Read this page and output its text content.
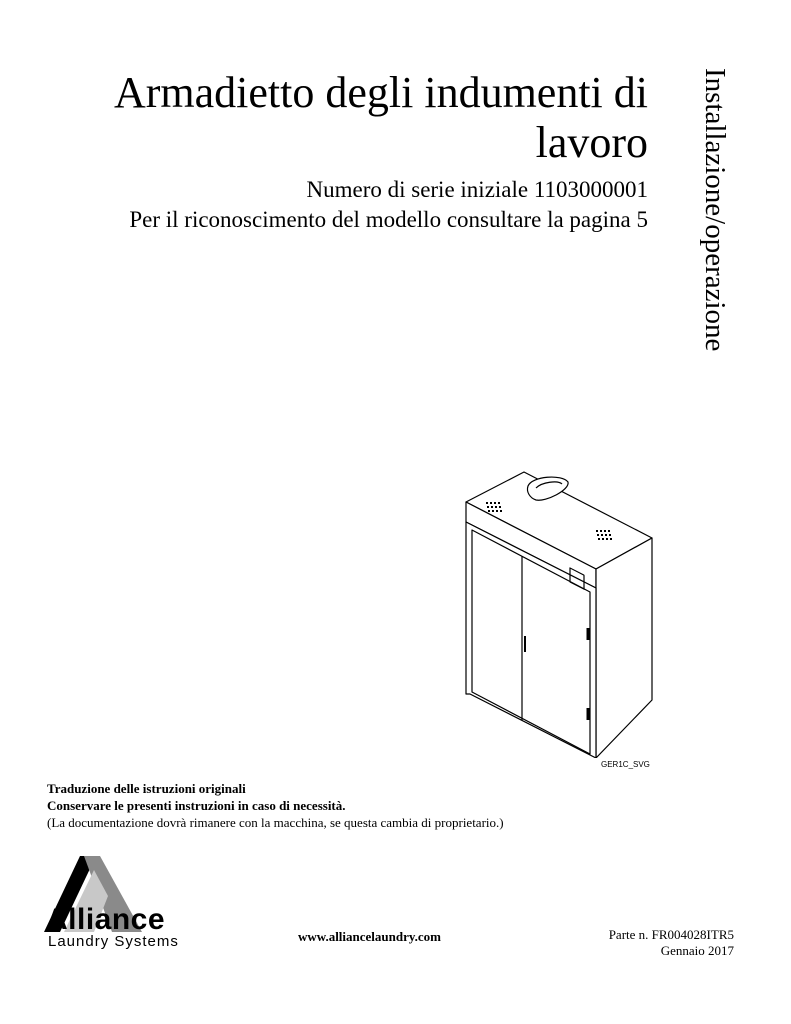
Armadietto degli indumenti di lavoro

Numero di serie iniziale 1103000001

Per il riconoscimento del modello consultare la pagina 5 Installazione/operazione
GER1C_SVG
Traduzione delle istruzioni originali
Conservare le presenti instruzioni in caso di necessità.
(La documentazione dovrà rimanere con la macchina, se questa cambia di proprietario.)
Alliance
Laundry Systems	www.alliancelaundry.com	Parte n. FR004028ITR5
Gennaio 2017
